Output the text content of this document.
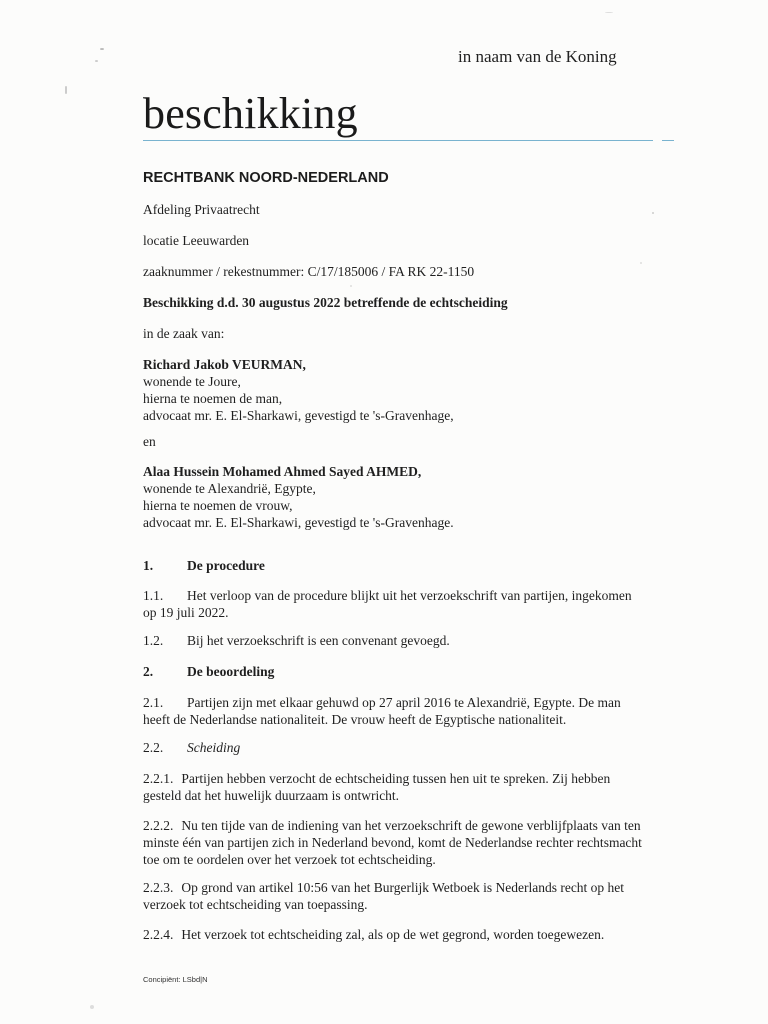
in naam van de Koning
beschikking
RECHTBANK NOORD-NEDERLAND
Afdeling Privaatrecht
locatie Leeuwarden
zaaknummer / rekestnummer: C/17/185006 / FA RK 22-1150
Beschikking d.d. 30 augustus 2022 betreffende de echtscheiding
in de zaak van:
Richard Jakob VEURMAN,
wonende te Joure,
hierna te noemen de man,
advocaat mr. E. El-Sharkawi, gevestigd te 's-Gravenhage,
en
Alaa Hussein Mohamed Ahmed Sayed AHMED,
wonende te Alexandrië, Egypte,
hierna te noemen de vrouw,
advocaat mr. E. El-Sharkawi, gevestigd te 's-Gravenhage.
1.	De procedure
1.1. Het verloop van de procedure blijkt uit het verzoekschrift van partijen, ingekomen
op 19 juli 2022.
1.2. Bij het verzoekschrift is een convenant gevoegd.
2.	De beoordeling
2.1. Partijen zijn met elkaar gehuwd op 27 april 2016 te Alexandrië, Egypte. De man
heeft de Nederlandse nationaliteit. De vrouw heeft de Egyptische nationaliteit.
2.2. Scheiding
2.2.1. Partijen hebben verzocht de echtscheiding tussen hen uit te spreken. Zij hebben
gesteld dat het huwelijk duurzaam is ontwricht.
2.2.2. Nu ten tijde van de indiening van het verzoekschrift de gewone verblijfplaats van ten
minste één van partijen zich in Nederland bevond, komt de Nederlandse rechter rechtsmacht
toe om te oordelen over het verzoek tot echtscheiding.
2.2.3. Op grond van artikel 10:56 van het Burgerlijk Wetboek is Nederlands recht op het
verzoek tot echtscheiding van toepassing.
2.2.4. Het verzoek tot echtscheiding zal, als op de wet gegrond, worden toegewezen.
Concipiënt: LSbd|N
